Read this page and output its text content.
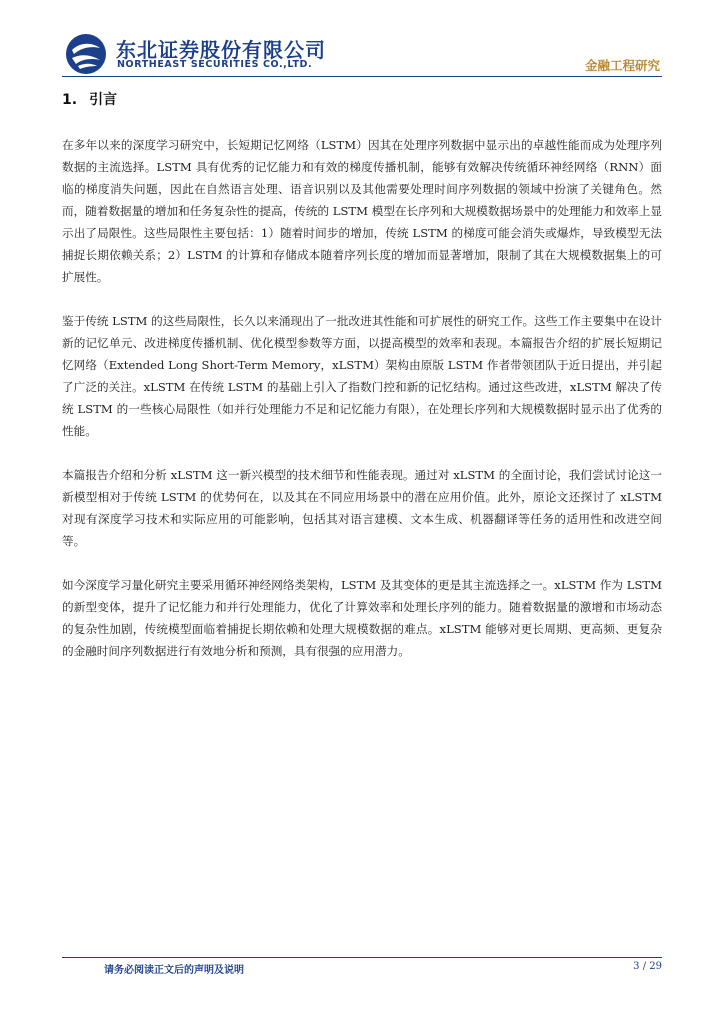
东北证券股份有限公司
NORTHEAST SECURITIES CO.,LTD.	金融工程研究
1. 引言

在多年以来的深度学习研究中，长短期记忆网络（LSTM）因其在处理序列数据中显示出的卓越性能而成为处理序列数据的主流选择。LSTM 具有优秀的记忆能力和有效的梯度传播机制，能够有效解决传统循环神经网络（RNN）面临的梯度消失问题，因此在自然语言处理、语音识别以及其他需要处理时间序列数据的领域中扮演了关键角色。然而，随着数据量的增加和任务复杂性的提高，传统的 LSTM 模型在长序列和大规模数据场景中的处理能力和效率上显示出了局限性。这些局限性主要包括：1）随着时间步的增加，传统 LSTM 的梯度可能会消失或爆炸，导致模型无法捕捉长期依赖关系；2）LSTM 的计算和存储成本随着序列长度的增加而显著增加，限制了其在大规模数据集上的可扩展性。

鉴于传统 LSTM 的这些局限性，长久以来涌现出了一批改进其性能和可扩展性的研究工作。这些工作主要集中在设计新的记忆单元、改进梯度传播机制、优化模型参数等方面，以提高模型的效率和表现。本篇报告介绍的扩展长短期记忆网络（Extended Long Short-Term Memory，xLSTM）架构由原版 LSTM 作者带领团队于近日提出，并引起了广泛的关注。xLSTM 在传统 LSTM 的基础上引入了指数门控和新的记忆结构。通过这些改进，xLSTM 解决了传统 LSTM 的一些核心局限性（如并行处理能力不足和记忆能力有限），在处理长序列和大规模数据时显示出了优秀的性能。

本篇报告介绍和分析 xLSTM 这一新兴模型的技术细节和性能表现。通过对 xLSTM 的全面讨论，我们尝试讨论这一新模型相对于传统 LSTM 的优势何在，以及其在不同应用场景中的潜在应用价值。此外，原论文还探讨了 xLSTM 对现有深度学习技术和实际应用的可能影响，包括其对语言建模、文本生成、机器翻译等任务的适用性和改进空间等。

如今深度学习量化研究主要采用循环神经网络类架构，LSTM 及其变体的更是其主流选择之一。xLSTM 作为 LSTM 的新型变体，提升了记忆能力和并行处理能力，优化了计算效率和处理长序列的能力。随着数据量的激增和市场动态的复杂性加剧，传统模型面临着捕捉长期依赖和处理大规模数据的难点。xLSTM 能够对更长周期、更高频、更复杂的金融时间序列数据进行有效地分析和预测，具有很强的应用潜力。

请务必阅读正文后的声明及说明	3 / 29
